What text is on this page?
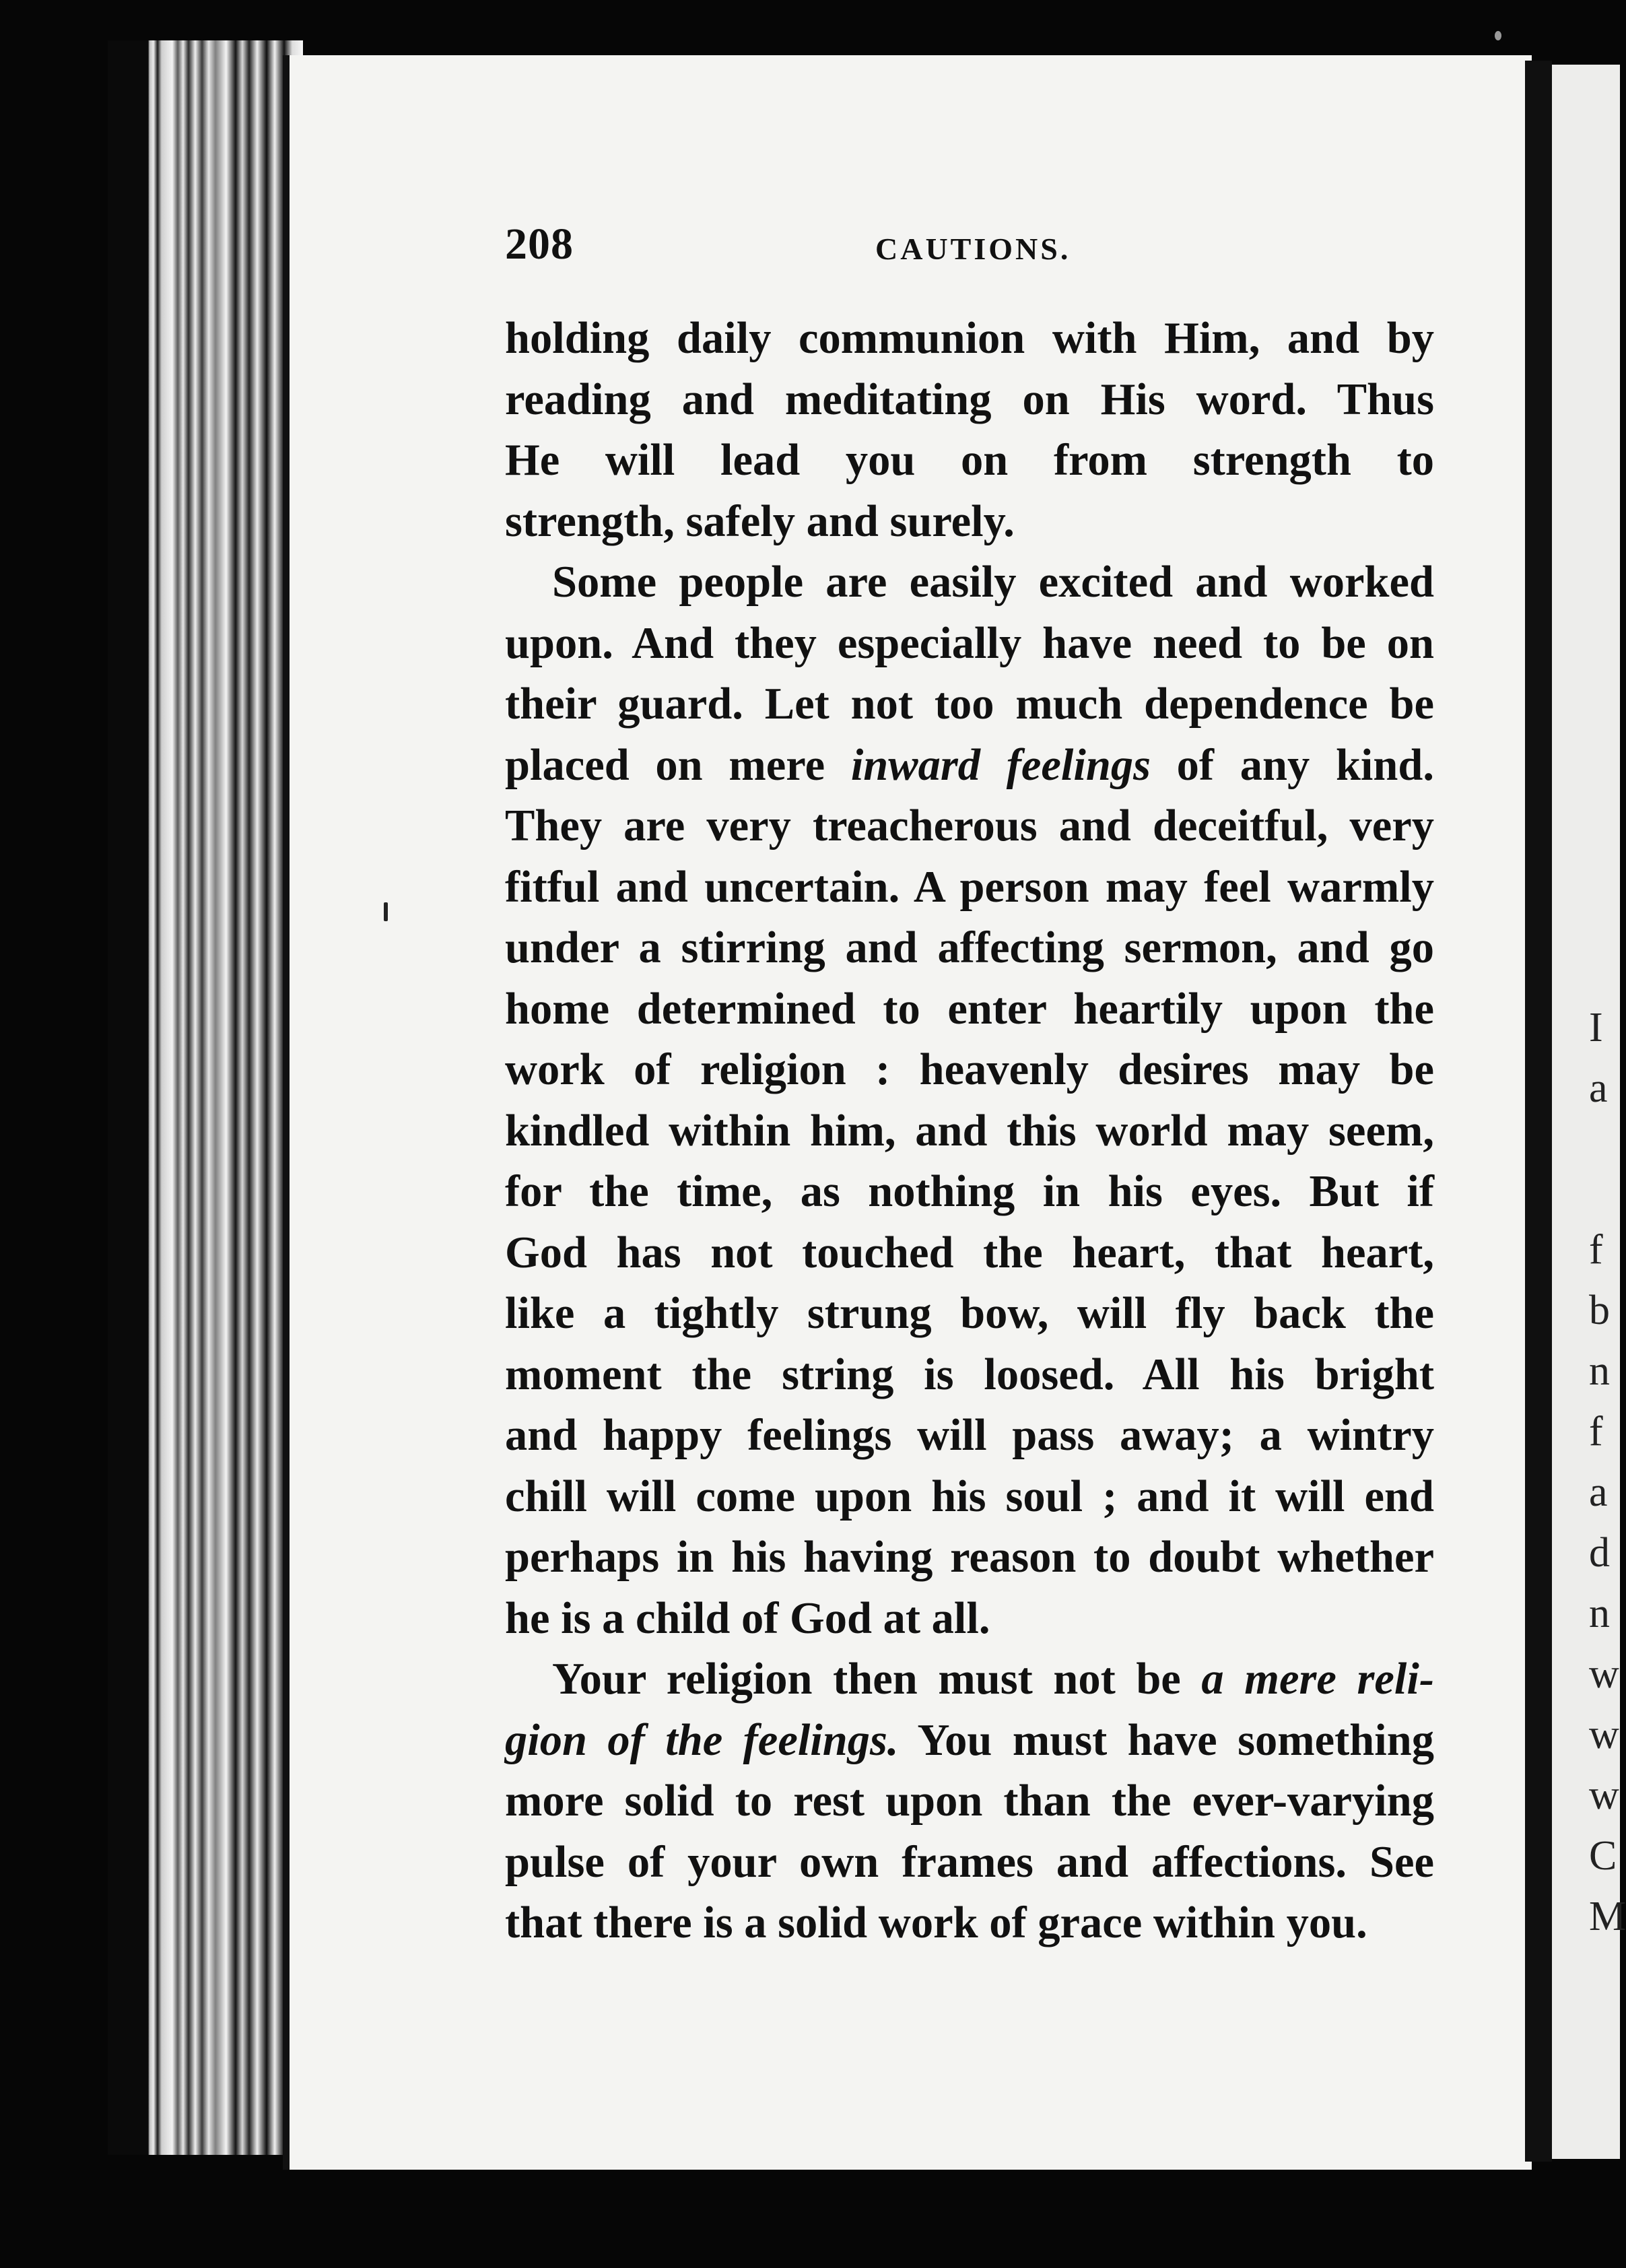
I
a
f
b
n
f
a
d
n
w
w
w
C
M
208	CAUTIONS.
holding daily communion with Him, and by
reading and meditating on His word. Thus
He will lead you on from strength to
strength, safely and surely.
Some people are easily excited and worked
upon. And they especially have need to be on
their guard. Let not too much dependence be
placed on mere inward feelings of any kind.
They are very treacherous and deceitful, very
fitful and uncertain. A person may feel warmly
under a stirring and affecting sermon, and go
home determined to enter heartily upon the
work of religion : heavenly desires may be
kindled within him, and this world may seem,
for the time, as nothing in his eyes. But if
God has not touched the heart, that heart,
like a tightly strung bow, will fly back the
moment the string is loosed. All his bright
and happy feelings will pass away; a wintry
chill will come upon his soul ; and it will end
perhaps in his having reason to doubt whether
he is a child of God at all.
Your religion then must not be a mere reli-
gion of the feelings. You must have something
more solid to rest upon than the ever-varying
pulse of your own frames and affections. See
that there is a solid work of grace within you.
